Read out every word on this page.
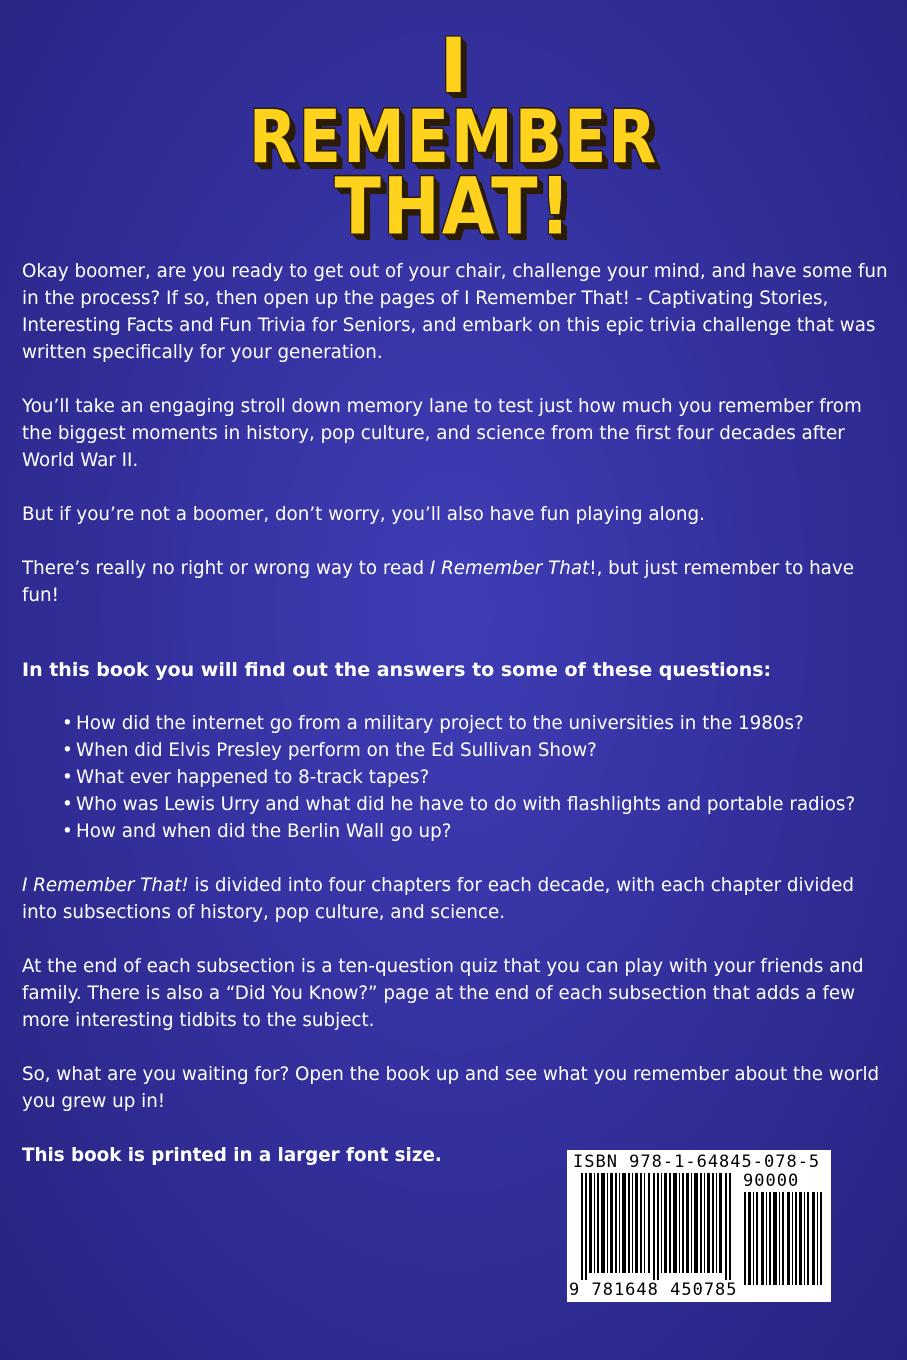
I
REMEMBER
THAT!

Okay boomer, are you ready to get out of your chair, challenge your mind, and have some fun in the process? If so, then open up the pages of I Remember That! - Captivating Stories, Interesting Facts and Fun Trivia for Seniors, and embark on this epic trivia challenge that was written specifically for your generation.

You’ll take an engaging stroll down memory lane to test just how much you remember from the biggest moments in history, pop culture, and science from the first four decades after World War II.

But if you’re not a boomer, don’t worry, you’ll also have fun playing along.

There’s really no right or wrong way to read I Remember That!, but just remember to have fun!

In this book you will find out the answers to some of these questions:

• How did the internet go from a military project to the universities in the 1980s?
• When did Elvis Presley perform on the Ed Sullivan Show?
• What ever happened to 8-track tapes?
• Who was Lewis Urry and what did he have to do with flashlights and portable radios?
• How and when did the Berlin Wall go up?

I Remember That! is divided into four chapters for each decade, with each chapter divided into subsections of history, pop culture, and science.

At the end of each subsection is a ten-question quiz that you can play with your friends and family. There is also a “Did You Know?” page at the end of each subsection that adds a few more interesting tidbits to the subject.

So, what are you waiting for? Open the book up and see what you remember about the world you grew up in!

This book is printed in a larger font size.	ISBN 978-1-64845-078-5
90000
9 781648 450785
